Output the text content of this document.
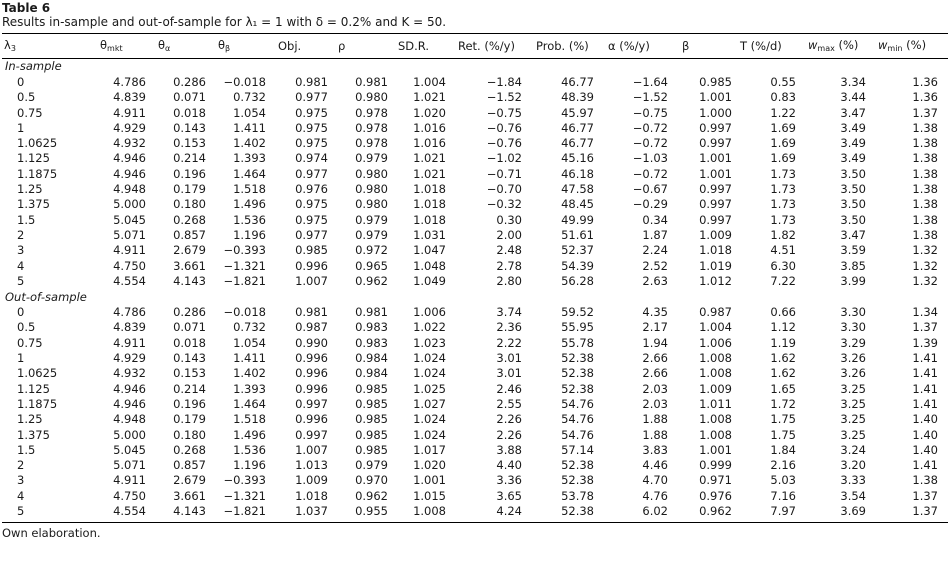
Table 6
Results in-sample and out-of-sample for λ₁ = 1 with δ = 0.2% and K = 50.
$\lambda_3$	$\theta_{mkt}$	$\theta_\alpha$	$\theta_\beta$	Obj.	ρ	SD.R.	Ret. (%/y)	Prob. (%)	α (%/y)	β	T (%/d)	$w_{max}$ (%)	$w_{min}$ (%)
In-sample													
0	4.786	0.286	−0.018	0.981	0.981	1.004	−1.84	46.77	−1.64	0.985	0.55	3.34	1.36
0.5	4.839	0.071	0.732	0.977	0.980	1.021	−1.52	48.39	−1.52	1.001	0.83	3.44	1.36
0.75	4.911	0.018	1.054	0.975	0.978	1.020	−0.75	45.97	−0.75	1.000	1.22	3.47	1.37
1	4.929	0.143	1.411	0.975	0.978	1.016	−0.76	46.77	−0.72	0.997	1.69	3.49	1.38
1.0625	4.932	0.153	1.402	0.975	0.978	1.016	−0.76	46.77	−0.72	0.997	1.69	3.49	1.38
1.125	4.946	0.214	1.393	0.974	0.979	1.021	−1.02	45.16	−1.03	1.001	1.69	3.49	1.38
1.1875	4.946	0.196	1.464	0.977	0.980	1.021	−0.71	46.18	−0.72	1.001	1.73	3.50	1.38
1.25	4.948	0.179	1.518	0.976	0.980	1.018	−0.70	47.58	−0.67	0.997	1.73	3.50	1.38
1.375	5.000	0.180	1.496	0.975	0.980	1.018	−0.32	48.45	−0.29	0.997	1.73	3.50	1.38
1.5	5.045	0.268	1.536	0.975	0.979	1.018	0.30	49.99	0.34	0.997	1.73	3.50	1.38
2	5.071	0.857	1.196	0.977	0.979	1.031	2.00	51.61	1.87	1.009	1.82	3.47	1.38
3	4.911	2.679	−0.393	0.985	0.972	1.047	2.48	52.37	2.24	1.018	4.51	3.59	1.32
4	4.750	3.661	−1.321	0.996	0.965	1.048	2.78	54.39	2.52	1.019	6.30	3.85	1.32
5	4.554	4.143	−1.821	1.007	0.962	1.049	2.80	56.28	2.63	1.012	7.22	3.99	1.32
Out-of-sample													
0	4.786	0.286	−0.018	0.981	0.981	1.006	3.74	59.52	4.35	0.987	0.66	3.30	1.34
0.5	4.839	0.071	0.732	0.987	0.983	1.022	2.36	55.95	2.17	1.004	1.12	3.30	1.37
0.75	4.911	0.018	1.054	0.990	0.983	1.023	2.22	55.78	1.94	1.006	1.19	3.29	1.39
1	4.929	0.143	1.411	0.996	0.984	1.024	3.01	52.38	2.66	1.008	1.62	3.26	1.41
1.0625	4.932	0.153	1.402	0.996	0.984	1.024	3.01	52.38	2.66	1.008	1.62	3.26	1.41
1.125	4.946	0.214	1.393	0.996	0.985	1.025	2.46	52.38	2.03	1.009	1.65	3.25	1.41
1.1875	4.946	0.196	1.464	0.997	0.985	1.027	2.55	54.76	2.03	1.011	1.72	3.25	1.41
1.25	4.948	0.179	1.518	0.996	0.985	1.024	2.26	54.76	1.88	1.008	1.75	3.25	1.40
1.375	5.000	0.180	1.496	0.997	0.985	1.024	2.26	54.76	1.88	1.008	1.75	3.25	1.40
1.5	5.045	0.268	1.536	1.007	0.985	1.017	3.88	57.14	3.83	1.001	1.84	3.24	1.40
2	5.071	0.857	1.196	1.013	0.979	1.020	4.40	52.38	4.46	0.999	2.16	3.20	1.41
3	4.911	2.679	−0.393	1.009	0.970	1.001	3.36	52.38	4.70	0.971	5.03	3.33	1.38
4	4.750	3.661	−1.321	1.018	0.962	1.015	3.65	53.78	4.76	0.976	7.16	3.54	1.37
5	4.554	4.143	−1.821	1.037	0.955	1.008	4.24	52.38	6.02	0.962	7.97	3.69	1.37
Own elaboration.
